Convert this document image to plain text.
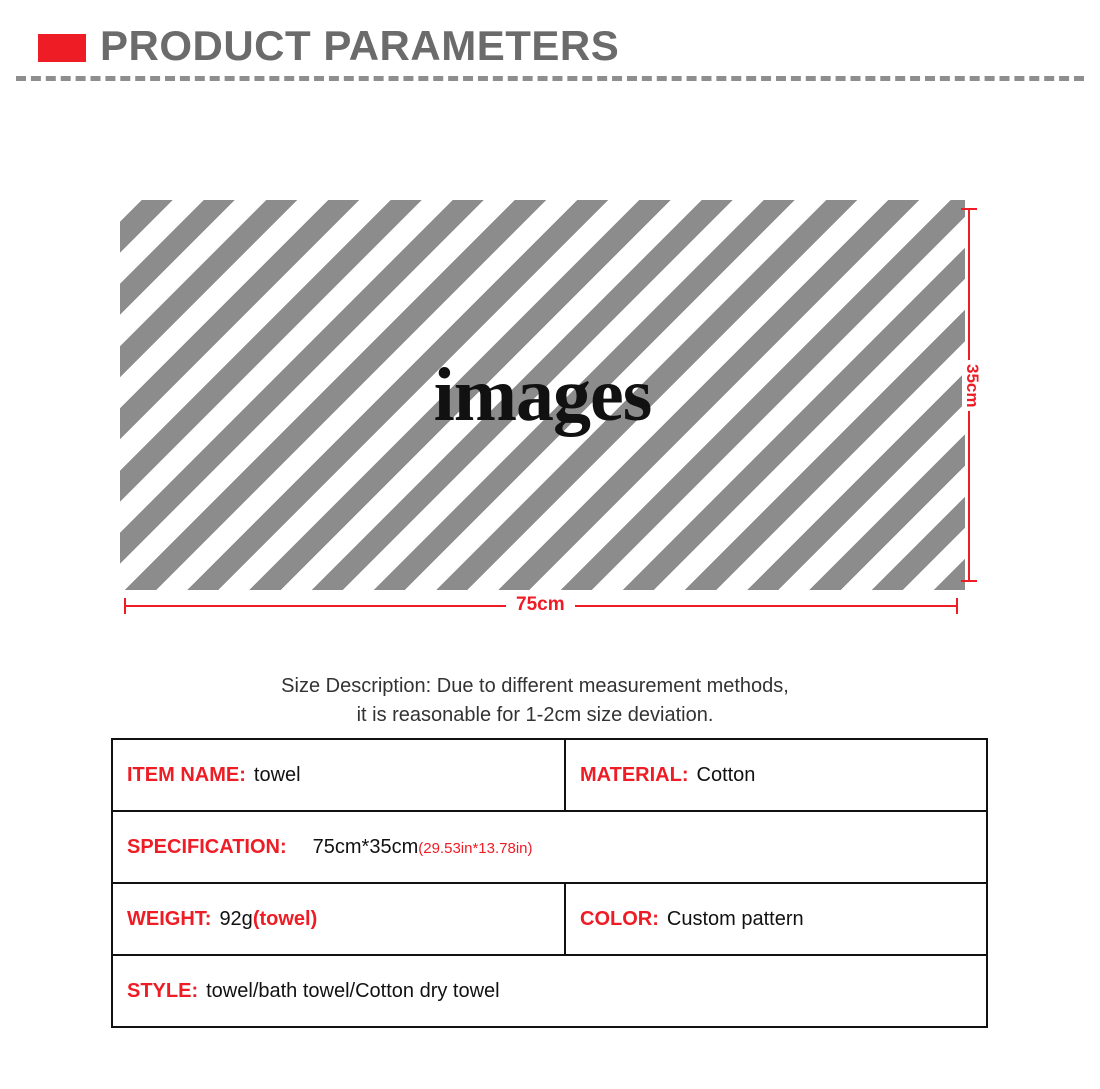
PRODUCT PARAMETERS
images	35cm
75cm
Size Description: Due to different measurement methods,
it is reasonable for 1-2cm size deviation.
ITEM NAME: towel	MATERIAL: Cotton
SPECIFICATION: 75cm*35cm(29.53in*13.78in)	
WEIGHT: 92g(towel)	COLOR: Custom pattern
STYLE: towel/bath towel/Cotton dry towel	
